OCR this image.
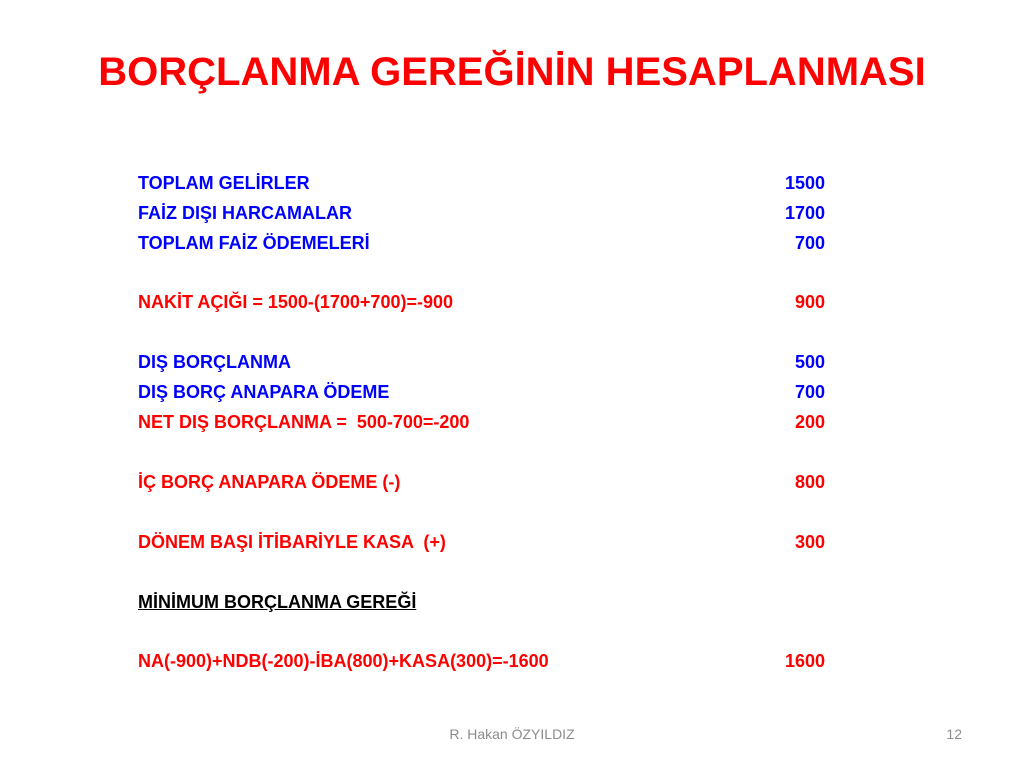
BORÇLANMA GEREĞİNİN HESAPLANMASI
TOPLAM GELİRLER	1500
FAİZ DIŞI HARCAMALAR	1700
TOPLAM FAİZ ÖDEMELERİ	700
NAKİT AÇIĞI = 1500-(1700+700)=-900	900
DIŞ BORÇLANMA	500
DIŞ BORÇ ANAPARA ÖDEME	700
NET DIŞ BORÇLANMA =  500-700=-200	200
İÇ BORÇ ANAPARA ÖDEME (-)	800
DÖNEM BAŞI İTİBARİYLE KASA  (+)	300
MİNİMUM BORÇLANMA GEREĞİ
NA(-900)+NDB(-200)-İBA(800)+KASA(300)=-1600	1600
R. Hakan ÖZYILDIZ	12
